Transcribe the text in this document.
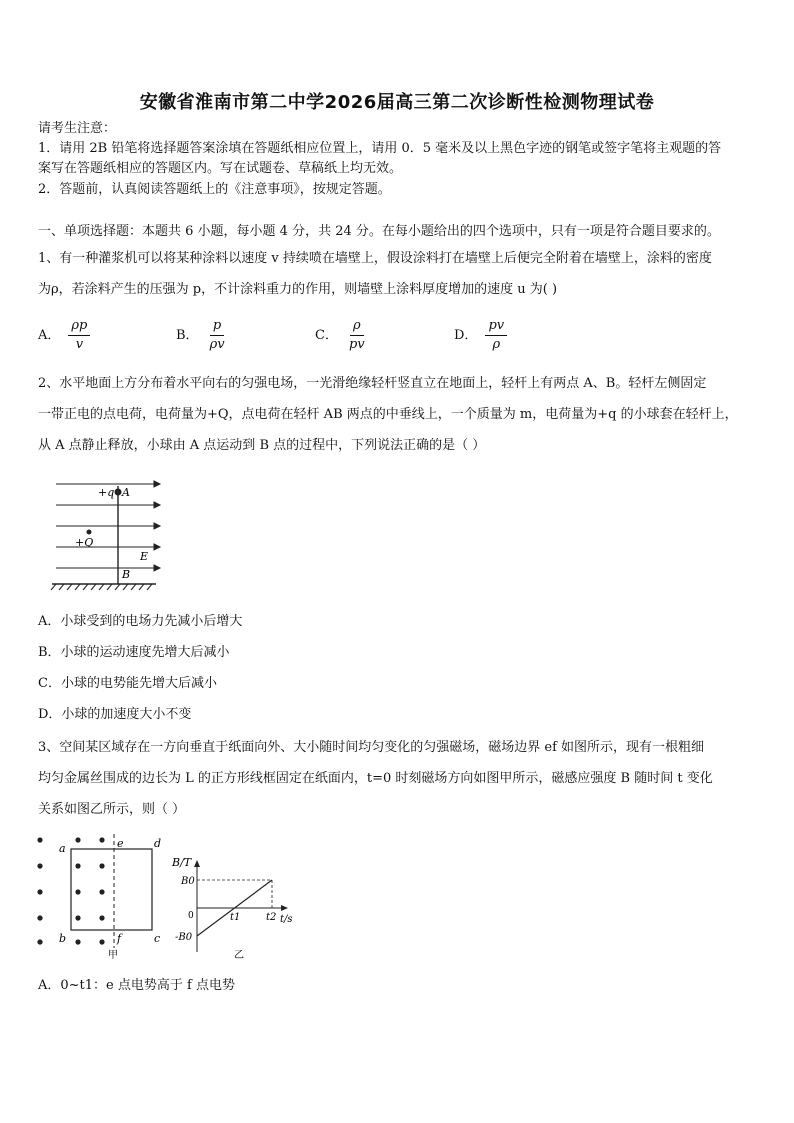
安徽省淮南市第二中学2026届高三第二次诊断性检测物理试卷
请考生注意：
1．请用 2B 铅笔将选择题答案涂填在答题纸相应位置上，请用 0．5 毫米及以上黑色字迹的钢笔或签字笔将主观题的答
案写在答题纸相应的答题区内。写在试题卷、草稿纸上均无效。
2．答题前，认真阅读答题纸上的《注意事项》，按规定答题。
一、单项选择题：本题共 6 小题，每小题 4 分，共 24 分。在每小题给出的四个选项中，只有一项是符合题目要求的。
1、有一种灌浆机可以将某种涂料以速度 v 持续喷在墙壁上，假设涂料打在墙壁上后便完全附着在墙壁上，涂料的密度
为ρ，若涂料产生的压强为 p，不计涂料重力的作用，则墙壁上涂料厚度增加的速度 u 为( )
A． $\frac{\rho p}{v}$	B． $\frac{p}{\rho v}$	C． $\frac{\rho}{pv}$	D． $\frac{pv}{\rho}$
2、水平地面上方分布着水平向右的匀强电场，一光滑绝缘轻杆竖直立在地面上，轻杆上有两点 A、B。轻杆左侧固定
一带正电的点电荷，电荷量为+Q，点电荷在轻杆 AB 两点的中垂线上，一个质量为 m，电荷量为+q 的小球套在轻杆上，
从 A 点静止释放，小球由 A 点运动到 B 点的过程中，下列说法正确的是（ ）
+q A
+Q
E
B
A．小球受到的电场力先减小后增大
B．小球的运动速度先增大后减小
C．小球的电势能先增大后减小
D．小球的加速度大小不变
3、空间某区域存在一方向垂直于纸面向外、大小随时间均匀变化的匀强磁场，磁场边界 ef 如图所示，现有一根粗细
均匀金属丝围成的边长为 L 的正方形线框固定在纸面内，t=0 时刻磁场方向如图甲所示，磁感应强度 B 随时间 t 变化
关系如图乙所示，则（ ）
a	e	d
b	f	c
甲
B/T
B0
0
-B0
t1	t2 t/s
乙
A．0~t1：e 点电势高于 f 点电势
